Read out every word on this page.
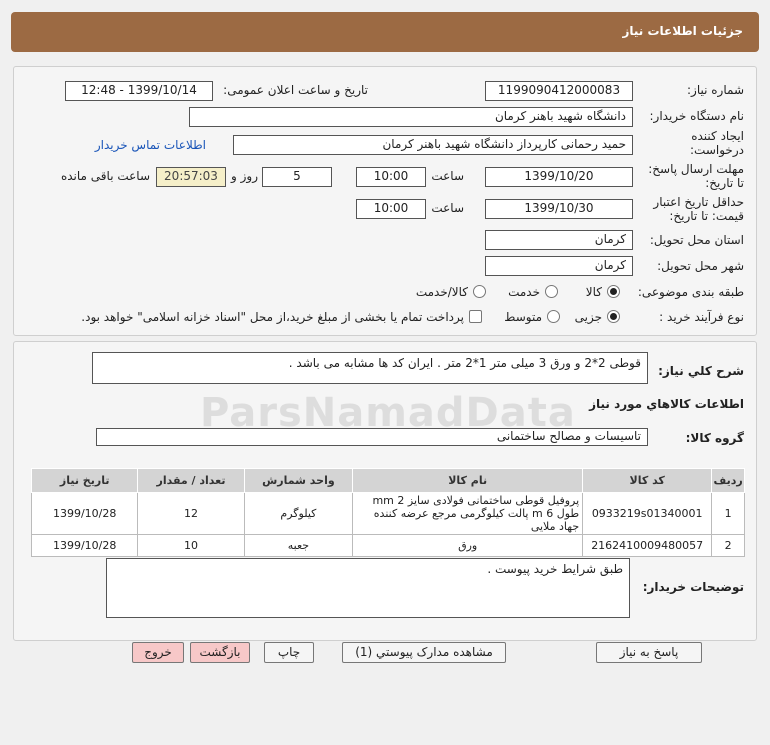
جزئیات اطلاعات نیاز
شماره نیاز:
1199090412000083
تاریخ و ساعت اعلان عمومی:
1399/10/14 - 12:48
نام دستگاه خریدار:
دانشگاه شهید باهنر کرمان
ایجاد کننده درخواست:
حمید رحمانی کارپرداز دانشگاه شهید باهنر کرمان
اطلاعات تماس خریدار
مهلت ارسال پاسخ: تا تاریخ:
1399/10/20
ساعت
10:00
5
روز و
20:57:03
ساعت باقی مانده
حداقل تاریخ اعتبار قیمت: تا تاریخ:
1399/10/30
ساعت
10:00
استان محل تحویل:
کرمان
شهر محل تحویل:
کرمان
طبقه بندی موضوعی:
کالا
خدمت
کالا/خدمت
نوع فرآیند خرید :
جزیی
متوسط
پرداخت تمام یا بخشی از مبلغ خرید،از محل "اسناد خزانه اسلامی" خواهد بود.
شرح کلي نياز:
قوطی 2*2 و ورق 3 میلی متر 1*2 متر . ایران کد ها مشابه می باشد .
اطلاعات کالاهاي مورد نياز
گروه کالا:
تاسیسات و مصالح ساختمانی
ردیف	کد کالا	نام کالا	واحد شمارش	تعداد / مقدار	تاریخ نیاز
1	0933219s01340001	پروفیل قوطی ساختمانی فولادی سایز mm 2 طول m 6 پالت کیلوگرمی مرجع عرضه کننده جهاد ملایی	کیلوگرم	12	1399/10/28
2	2162410009480057	ورق	جعبه	10	1399/10/28
توضیحات خریدار:
طبق شرایط خرید پیوست .
ParsNamadData
پاسخ به نیاز
مشاهده مدارک پیوستي (1)
چاپ
بازگشت
خروج
